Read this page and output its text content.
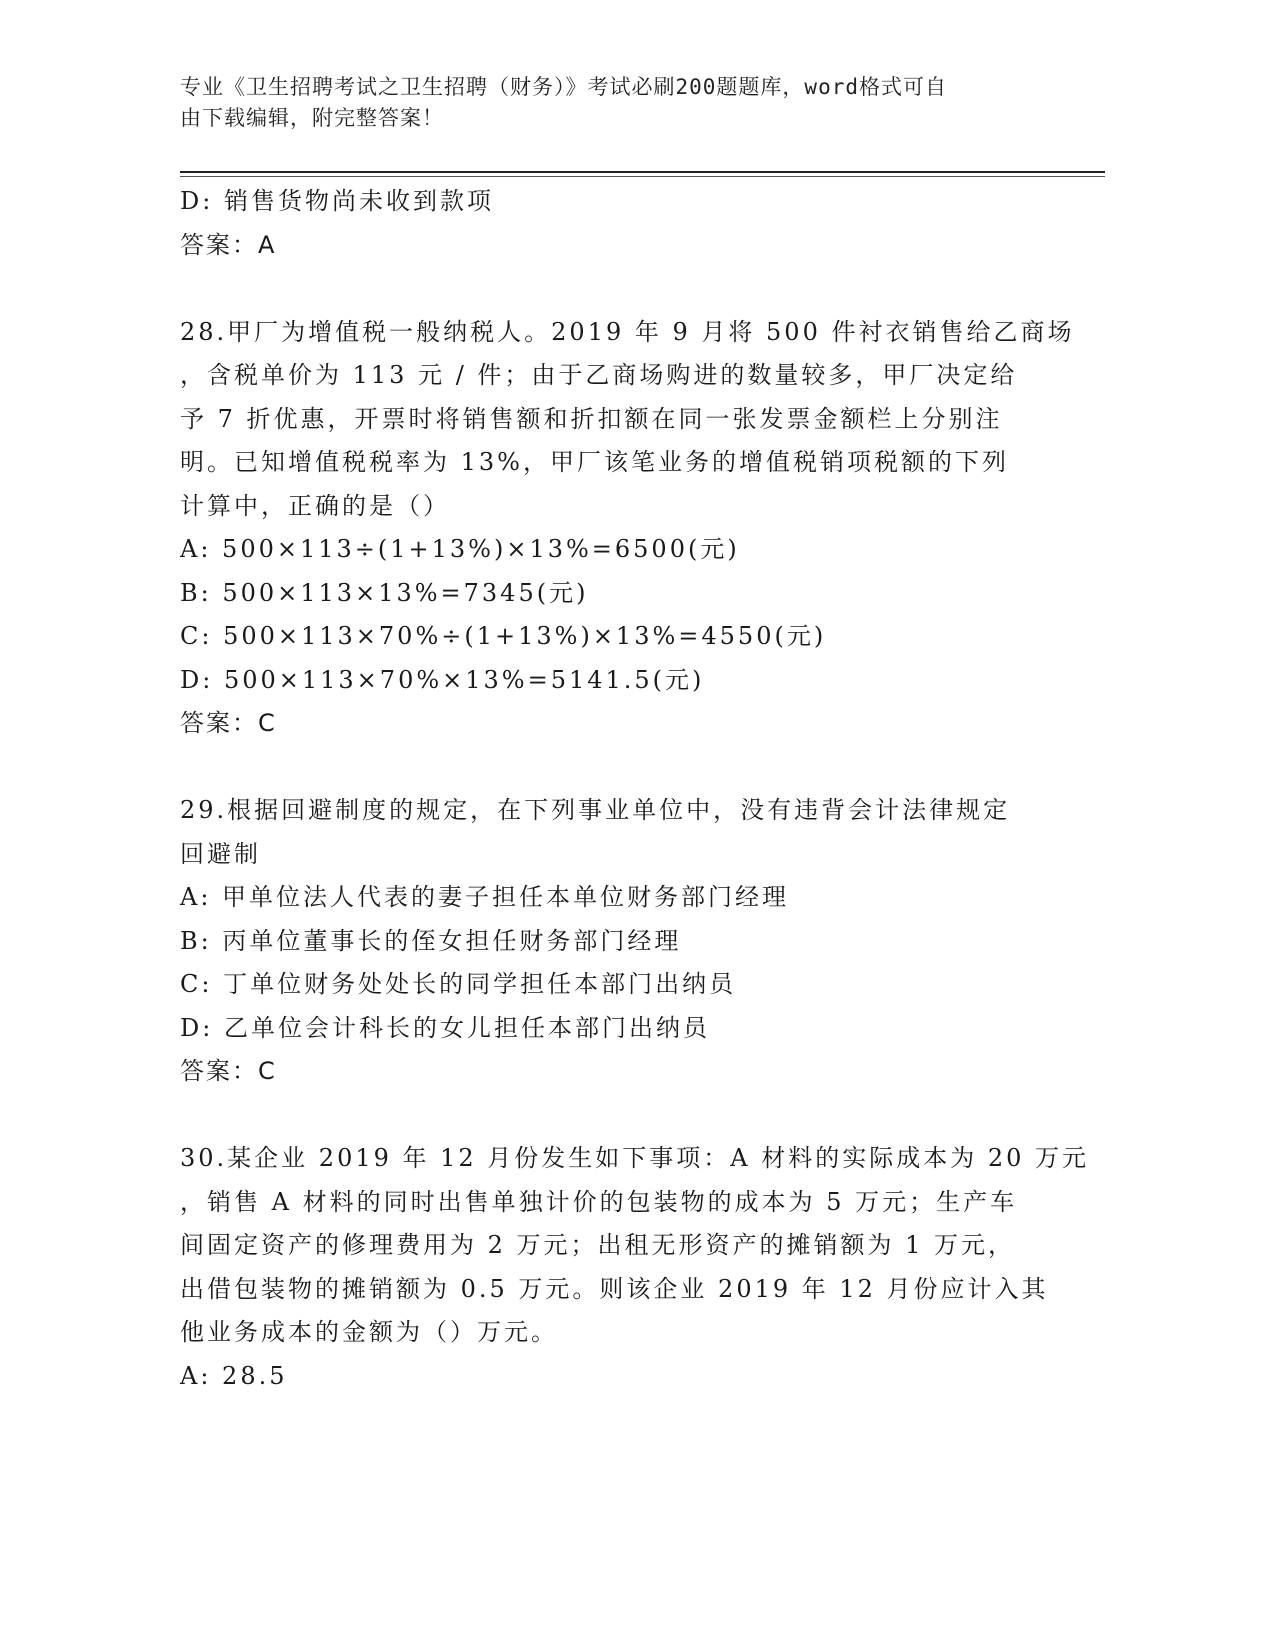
专业《卫生招聘考试之卫生招聘（财务）》考试必刷200题题库，word格式可自
由下载编辑，附完整答案！
D: 销售货物尚未收到款项
答案：A
28.甲厂为增值税一般纳税人。2019 年 9 月将 500 件衬衣销售给乙商场
，含税单价为 113 元 / 件；由于乙商场购进的数量较多，甲厂决定给
予 7 折优惠，开票时将销售额和折扣额在同一张发票金额栏上分别注
明。已知增值税税率为 13%，甲厂该笔业务的增值税销项税额的下列
计算中，正确的是（）
A: 500×113÷(1+13%)×13%=6500(元)
B: 500×113×13%=7345(元)
C: 500×113×70%÷(1+13%)×13%=4550(元)
D: 500×113×70%×13%=5141.5(元)
答案：C
29.根据回避制度的规定，在下列事业单位中，没有违背会计法律规定
回避制
A: 甲单位法人代表的妻子担任本单位财务部门经理
B: 丙单位董事长的侄女担任财务部门经理
C: 丁单位财务处处长的同学担任本部门出纳员
D: 乙单位会计科长的女儿担任本部门出纳员
答案：C
30.某企业 2019 年 12 月份发生如下事项：A 材料的实际成本为 20 万元
，销售 A 材料的同时出售单独计价的包装物的成本为 5 万元；生产车
间固定资产的修理费用为 2 万元；出租无形资产的摊销额为 1 万元，
出借包装物的摊销额为 0.5 万元。则该企业 2019 年 12 月份应计入其
他业务成本的金额为（）万元。
A: 28.5
